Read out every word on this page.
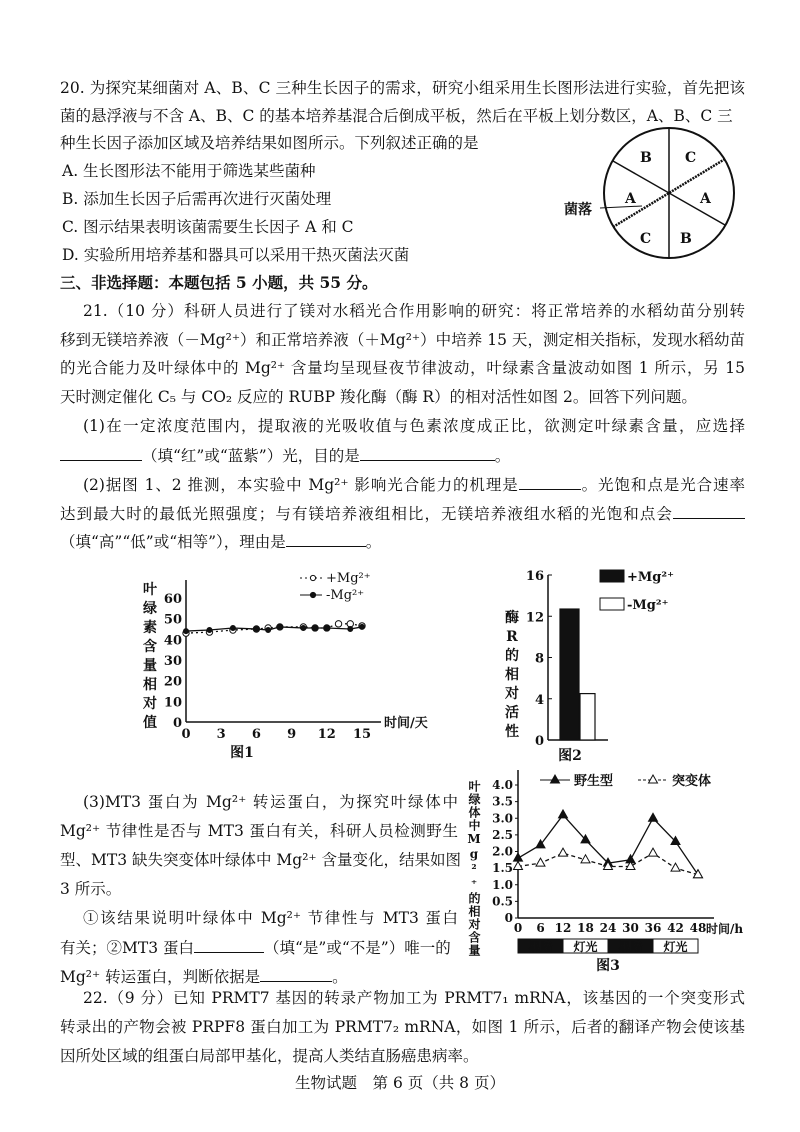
20. 为探究某细菌对 A、B、C 三种生长因子的需求，研究小组采用生长图形法进行实验，首先把该
菌的悬浮液与不含 A、B、C 的基本培养基混合后倒成平板，然后在平板上划分数区，A、B、C 三
种生长因子添加区域及培养结果如图所示。下列叙述正确的是
A. 生长图形法不能用于筛选某些菌种
B. 添加生长因子后需再次进行灭菌处理
C. 图示结果表明该菌需要生长因子 A 和 C
D. 实验所用培养基和器具可以采用干热灭菌法灭菌
菌落
B C
A	A
C B
三、非选择题：本题包括 5 小题，共 55 分。
21.（10 分）科研人员进行了镁对水稻光合作用影响的研究：将正常培养的水稻幼苗分别转
移到无镁培养液（－Mg²⁺）和正常培养液（＋Mg²⁺）中培养 15 天，测定相关指标，发现水稻幼苗
的光合能力及叶绿体中的 Mg²⁺ 含量均呈现昼夜节律波动，叶绿素含量波动如图 1 所示，另 15
天时测定催化 C₅ 与 CO₂ 反应的 RUBP 羧化酶（酶 R）的相对活性如图 2。回答下列问题。
(1)在一定浓度范围内，提取液的光吸收值与色素浓度成正比，欲测定叶绿素含量，应选择
（填“红”或“蓝紫”）光，目的是	。
(2)据图 1、2 推测，本实验中 Mg²⁺ 影响光合能力的机理是	。光饱和点是光合速率
达到最大时的最低光照强度；与有镁培养液组相比，无镁培养液组水稻的光饱和点会
（填“高”“低”或“相等”），理由是	。
0
10
20
30
40
50
60
0 3 6 9 12 15
时间/天
叶
绿
素
含
量
相
对
值
+Mg²⁺
-Mg²⁺
图1
0
4
8
12
16
酶
R
的
相
对
活
性
+Mg²⁺
-Mg²⁺
图2
0
0.5
1.0
1.5
2.0
2.5
3.0
3.5
4.0
0 6 12 18 24 30 36 42 48 时间/h
野生型	突变体
黑暗 灯光 黑暗 灯光
图3
叶绿体中Mg²⁺的相对含量
(3)MT3 蛋白为 Mg²⁺ 转运蛋白，为探究叶绿体中
Mg²⁺ 节律性是否与 MT3 蛋白有关，科研人员检测野生
型、MT3 缺失突变体叶绿体中 Mg²⁺ 含量变化，结果如图
3 所示。
①该结果说明叶绿体中 Mg²⁺ 节律性与 MT3 蛋白
有关；②MT3 蛋白	（填“是”或“不是”）唯一的
Mg²⁺ 转运蛋白，判断依据是	。
22.（9 分）已知 PRMT7 基因的转录产物加工为 PRMT7₁ mRNA，该基因的一个突变形式
转录出的产物会被 PRPF8 蛋白加工为 PRMT7₂ mRNA，如图 1 所示，后者的翻译产物会使该基
因所处区域的组蛋白局部甲基化，提高人类结直肠癌患病率。
生物试题　第 6 页（共 8 页）
